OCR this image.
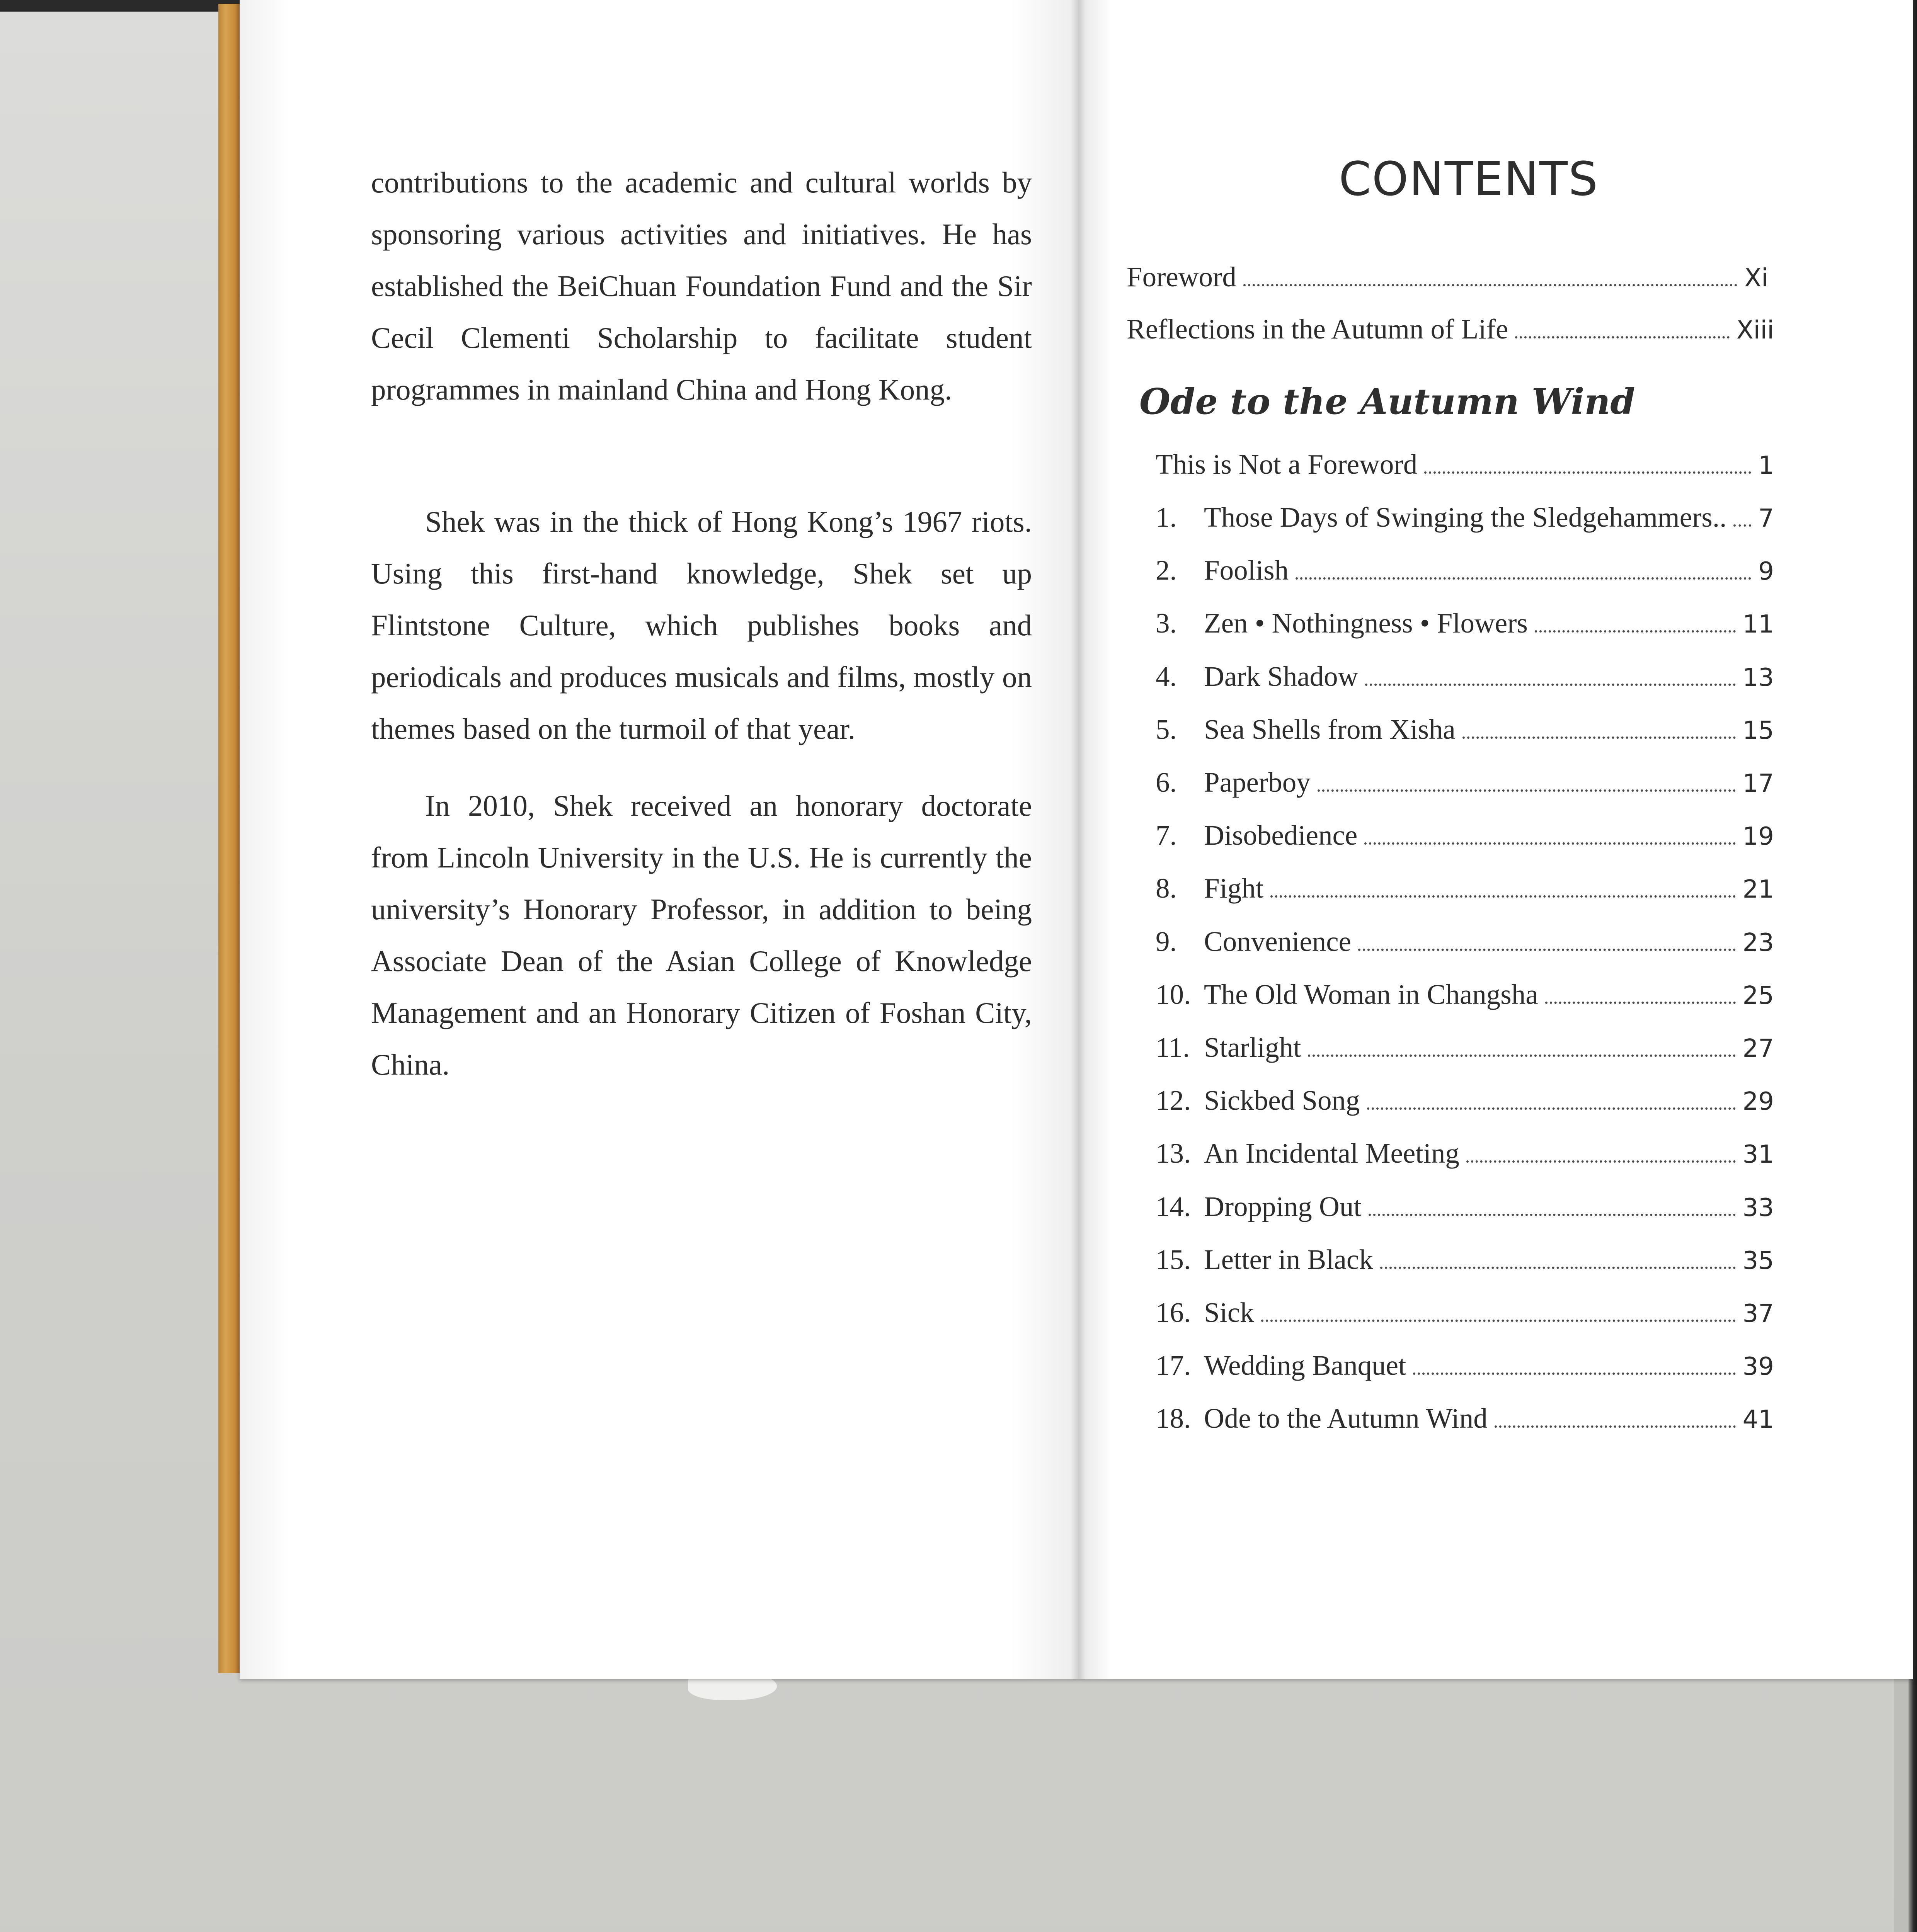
contributions to the academic and cultural worlds by sponsoring various activities and initiatives. He has established the BeiChuan Foundation Fund and the Sir Cecil Clementi Scholarship to facilitate student programmes in mainland China and Hong Kong.

Shek was in the thick of Hong Kong’s 1967 riots. Using this first-hand knowledge, Shek set up Flintstone Culture, which publishes books and periodicals and produces musicals and films, mostly on themes based on the turmoil of that year.

In 2010, Shek received an honorary doctorate from Lincoln University in the U.S. He is currently the university’s Honorary Professor, in addition to being Associate Dean of the Asian College of Knowledge Management and an Honorary Citizen of Foshan City, China.

CONTENTS
Foreword	Xi
Reflections in the Autumn of Life	Xiii
Ode to the Autumn Wind
This is Not a Foreword	1
1. Those Days of Swinging the Sledgehammers.. 7
2. Foolish	9
3. Zen • Nothingness • Flowers	11
4. Dark Shadow	13
5. Sea Shells from Xisha	15
6. Paperboy	17
7. Disobedience	19
8. Fight	21
9. Convenience	23
10. The Old Woman in Changsha	25
11. Starlight	27
12. Sickbed Song	29
13. An Incidental Meeting	31
14. Dropping Out	33
15. Letter in Black	35
16. Sick	37
17. Wedding Banquet	39
18. Ode to the Autumn Wind	41
